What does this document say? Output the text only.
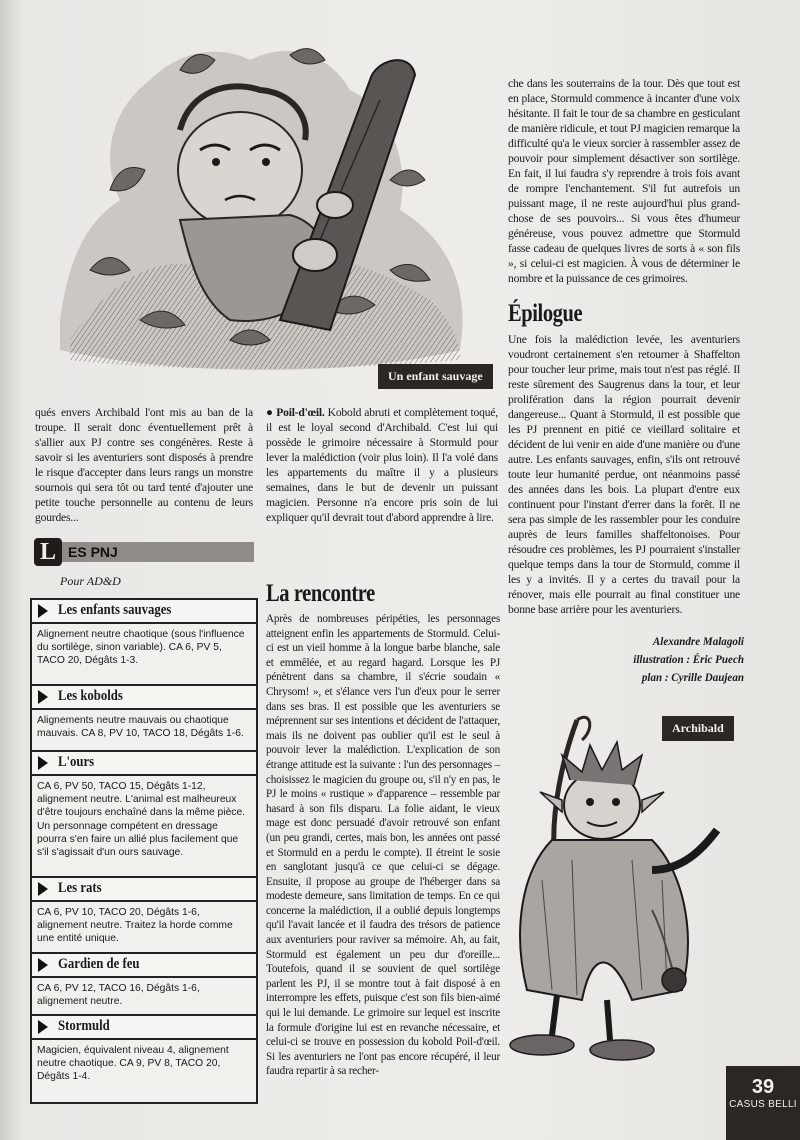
Un enfant sauvage

qués envers Archibald l'ont mis au ban de la troupe. Il serait donc éventuellement prêt à s'allier aux PJ contre ses congénères. Reste à savoir si les aventuriers sont disposés à prendre le risque d'accepter dans leurs rangs un monstre sournois qui sera tôt ou tard tenté d'ajouter une petite touche personnelle au contenu de leurs gourdes...

● Poil-d'œil. Kobold abruti et complètement toqué, il est le loyal second d'Archibald. C'est lui qui possède le grimoire nécessaire à Stormuld pour lever la malédiction (voir plus loin). Il l'a volé dans les appartements du maître il y a plusieurs semaines, dans le but de devenir un puissant magicien. Personne n'a encore pris soin de lui expliquer qu'il devrait tout d'abord apprendre à lire.

L ES PNJ
Pour AD&D
Les enfants sauvages

Alignement neutre chaotique (sous l'influence du sortilège, sinon variable). CA 6, PV 5, TACO 20, Dégâts 1-3.

Les kobolds

Alignements neutre mauvais ou chaotique mauvais. CA 8, PV 10, TACO 18, Dégâts 1-6.

L'ours

CA 6, PV 50, TACO 15, Dégâts 1-12, alignement neutre. L'animal est malheureux d'être toujours enchaîné dans la même pièce. Un personnage compétent en dressage pourra s'en faire un allié plus facilement que s'il s'agissait d'un ours sauvage.

Les rats

CA 6, PV 10, TACO 20, Dégâts 1-6, alignement neutre. Traitez la horde comme une entité unique.

Gardien de feu

CA 6, PV 12, TACO 16, Dégâts 1-6, alignement neutre.

Stormuld

Magicien, équivalent niveau 4, alignement neutre chaotique. CA 9, PV 8, TACO 20, Dégâts 1-4.

La rencontre

Après de nombreuses péripéties, les personnages atteignent enfin les appartements de Stormuld. Celui-ci est un vieil homme à la longue barbe blanche, sale et emmêlée, et au regard hagard. Lorsque les PJ pénètrent dans sa chambre, il s'écrie soudain « Chrysom! », et s'élance vers l'un d'eux pour le serrer dans ses bras. Il est possible que les aventuriers se méprennent sur ses intentions et décident de l'attaquer, mais ils ne doivent pas oublier qu'il est le seul à pouvoir lever la malédiction. L'explication de son étrange attitude est la suivante : l'un des personnages – choisissez le magicien du groupe ou, s'il n'y en pas, le PJ le moins « rustique » d'apparence – ressemble par hasard à son fils disparu. La folie aidant, le vieux mage est donc persuadé d'avoir retrouvé son enfant (un peu grandi, certes, mais bon, les années ont passé et Stormuld en a perdu le compte). Il étreint le sosie en sanglotant jusqu'à ce que celui-ci se dégage. Ensuite, il propose au groupe de l'héberger dans sa modeste demeure, sans limitation de temps. En ce qui concerne la malédiction, il a oublié depuis longtemps qu'il l'avait lancée et il faudra des trésors de patience aux aventuriers pour raviver sa mémoire. Ah, au fait, Stormuld est également un peu dur d'oreille... Toutefois, quand il se souvient de quel sortilège parlent les PJ, il se montre tout à fait disposé à en interrompre les effets, puisque c'est son fils bien-aimé qui le lui demande. Le grimoire sur lequel est inscrite la formule d'origine lui est en revanche nécessaire, et celui-ci se trouve en possession du kobold Poil-d'œil. Si les aventuriers ne l'ont pas encore récupéré, il leur faudra repartir à sa recher-

che dans les souterrains de la tour. Dès que tout est en place, Stormuld commence à incanter d'une voix hésitante. Il fait le tour de sa chambre en gesticulant de manière ridicule, et tout PJ magicien remarque la difficulté qu'a le vieux sorcier à rassembler assez de pouvoir pour simplement désactiver son sortilège. En fait, il lui faudra s'y reprendre à trois fois avant de rompre l'enchantement. S'il fut autrefois un puissant mage, il ne reste aujourd'hui plus grand-chose de ses pouvoirs... Si vous êtes d'humeur généreuse, vous pouvez admettre que Stormuld fasse cadeau de quelques livres de sorts à « son fils », si celui-ci est magicien. À vous de déterminer le nombre et la puissance de ces grimoires.

Épilogue

Une fois la malédiction levée, les aventuriers voudront certainement s'en retourner à Shaffelton pour toucher leur prime, mais tout n'est pas réglé. Il reste sûrement des Saugrenus dans la tour, et leur prolifération dans la région pourrait devenir dangereuse... Quant à Stormuld, il est possible que les PJ prennent en pitié ce vieillard solitaire et décident de lui venir en aide d'une manière ou d'une autre. Les enfants sauvages, enfin, s'ils ont retrouvé toute leur humanité perdue, ont néanmoins passé des années dans les bois. La plupart d'entre eux continuent pour l'instant d'errer dans la forêt. Il ne sera pas simple de les rassembler pour les conduire auprès de leurs familles shaffeltonoises. Pour résoudre ces problèmes, les PJ pourraient s'installer quelque temps dans la tour de Stormuld, comme il les y a invités. Il y a certes du travail pour la rénover, mais elle pourrait au final constituer une bonne base arrière pour les aventuriers.

Alexandre Malagoli
illustration : Éric Puech
plan : Cyrille Daujean
Archibald
39
CASUS BELLI
